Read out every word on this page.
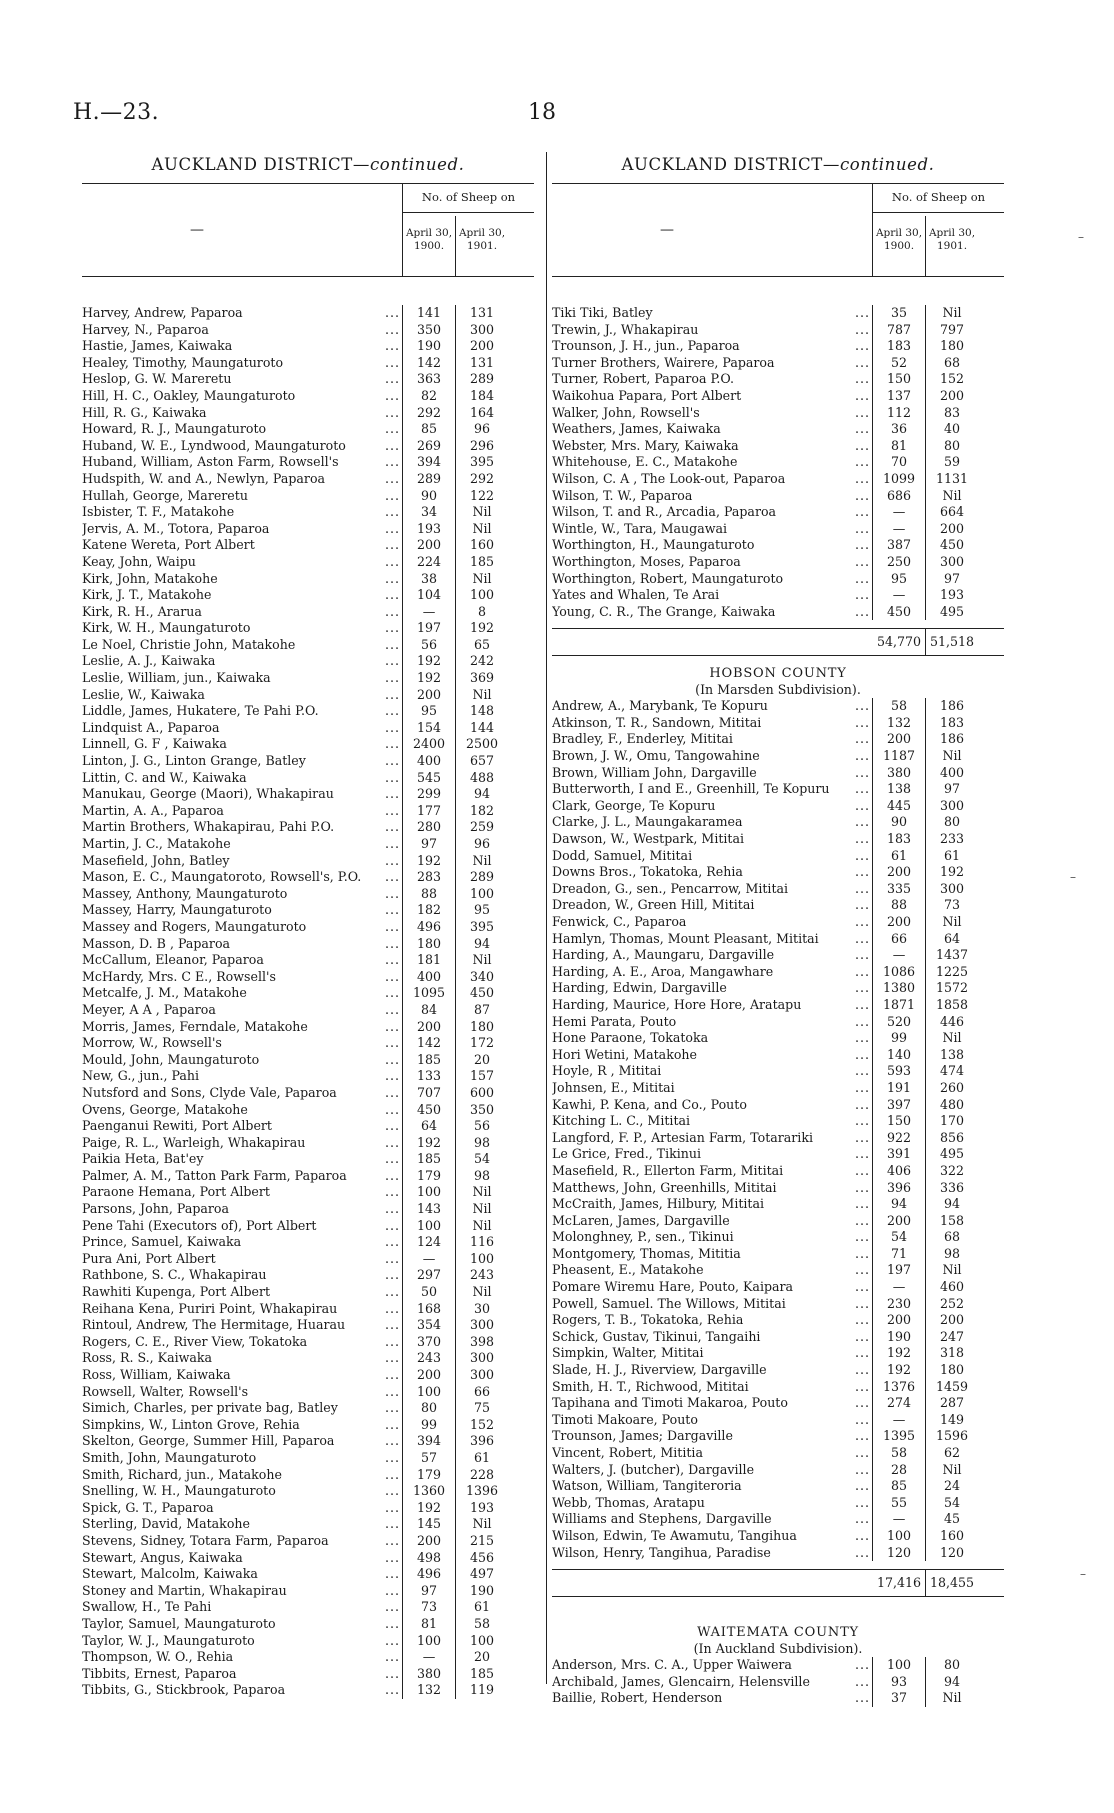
H.—23.	18
AUCKLAND DISTRICT—continued.
—
No. of Sheep on
April 30, 1900.
April 30, 1901.
Harvey, Andrew, Paparoa	...	141	131
Harvey, N., Paparoa	...	350	300
Hastie, James, Kaiwaka	...	190	200
Healey, Timothy, Maungaturoto	...	142	131
Heslop, G. W. Mareretu	...	363	289
Hill, H. C., Oakley, Maungaturoto	...	82	184
Hill, R. G., Kaiwaka	...	292	164
Howard, R. J., Maungaturoto	...	85	96
Huband, W. E., Lyndwood, Maungaturoto	...	269	296
Huband, William, Aston Farm, Rowsell's	...	394	395
Hudspith, W. and A., Newlyn, Paparoa	...	289	292
Hullah, George, Mareretu	...	90	122
Isbister, T. F., Matakohe	...	34	Nil
Jervis, A. M., Totora, Paparoa	...	193	Nil
Katene Wereta, Port Albert	...	200	160
Keay, John, Waipu	...	224	185
Kirk, John, Matakohe	...	38	Nil
Kirk, J. T., Matakohe	...	104	100
Kirk, R. H., Ararua	...	—	8
Kirk, W. H., Maungaturoto	...	197	192
Le Noel, Christie John, Matakohe	...	56	65
Leslie, A. J., Kaiwaka	...	192	242
Leslie, William, jun., Kaiwaka	...	192	369
Leslie, W., Kaiwaka	...	200	Nil
Liddle, James, Hukatere, Te Pahi P.O.	...	95	148
Lindquist A., Paparoa	...	154	144
Linnell, G. F , Kaiwaka	...	2400	2500
Linton, J. G., Linton Grange, Batley	...	400	657
Littin, C. and W., Kaiwaka	...	545	488
Manukau, George (Maori), Whakapirau	...	299	94
Martin, A. A., Paparoa	...	177	182
Martin Brothers, Whakapirau, Pahi P.O.	...	280	259
Martin, J. C., Matakohe	...	97	96
Masefield, John, Batley	...	192	Nil
Mason, E. C., Maungatoroto, Rowsell's, P.O.	...	283	289
Massey, Anthony, Maungaturoto	...	88	100
Massey, Harry, Maungaturoto	...	182	95
Massey and Rogers, Maungaturoto	...	496	395
Masson, D. B , Paparoa	...	180	94
McCallum, Eleanor, Paparoa	...	181	Nil
McHardy, Mrs. C E., Rowsell's	...	400	340
Metcalfe, J. M., Matakohe	...	1095	450
Meyer, A A , Paparoa	...	84	87
Morris, James, Ferndale, Matakohe	...	200	180
Morrow, W., Rowsell's	...	142	172
Mould, John, Maungaturoto	...	185	20
New, G., jun., Pahi	...	133	157
Nutsford and Sons, Clyde Vale, Paparoa	...	707	600
Ovens, George, Matakohe	...	450	350
Paenganui Rewiti, Port Albert	...	64	56
Paige, R. L., Warleigh, Whakapirau	...	192	98
Paikia Heta, Bat'ey	...	185	54
Palmer, A. M., Tatton Park Farm, Paparoa	...	179	98
Paraone Hemana, Port Albert	...	100	Nil
Parsons, John, Paparoa	...	143	Nil
Pene Tahi (Executors of), Port Albert	...	100	Nil
Prince, Samuel, Kaiwaka	...	124	116
Pura Ani, Port Albert	...	—	100
Rathbone, S. C., Whakapirau	...	297	243
Rawhiti Kupenga, Port Albert	...	50	Nil
Reihana Kena, Puriri Point, Whakapirau	...	168	30
Rintoul, Andrew, The Hermitage, Huarau	...	354	300
Rogers, C. E., River View, Tokatoka	...	370	398
Ross, R. S., Kaiwaka	...	243	300
Ross, William, Kaiwaka	...	200	300
Rowsell, Walter, Rowsell's	...	100	66
Simich, Charles, per private bag, Batley	...	80	75
Simpkins, W., Linton Grove, Rehia	...	99	152
Skelton, George, Summer Hill, Paparoa	...	394	396
Smith, John, Maungaturoto	...	57	61
Smith, Richard, jun., Matakohe	...	179	228
Snelling, W. H., Maungaturoto	...	1360	1396
Spick, G. T., Paparoa	...	192	193
Sterling, David, Matakohe	...	145	Nil
Stevens, Sidney, Totara Farm, Paparoa	...	200	215
Stewart, Angus, Kaiwaka	...	498	456
Stewart, Malcolm, Kaiwaka	...	496	497
Stoney and Martin, Whakapirau	...	97	190
Swallow, H., Te Pahi	...	73	61
Taylor, Samuel, Maungaturoto	...	81	58
Taylor, W. J., Maungaturoto	...	100	100
Thompson, W. O., Rehia	...	—	20
Tibbits, Ernest, Paparoa	...	380	185
Tibbits, G., Stickbrook, Paparoa	...	132	119
AUCKLAND DISTRICT—continued.
—
No. of Sheep on
April 30, 1900.
April 30, 1901.
Tiki Tiki, Batley	...	35	Nil
Trewin, J., Whakapirau	...	787	797
Trounson, J. H., jun., Paparoa	...	183	180
Turner Brothers, Wairere, Paparoa	...	52	68
Turner, Robert, Paparoa P.O.	...	150	152
Waikohua Papara, Port Albert	...	137	200
Walker, John, Rowsell's	...	112	83
Weathers, James, Kaiwaka	...	36	40
Webster, Mrs. Mary, Kaiwaka	...	81	80
Whitehouse, E. C., Matakohe	...	70	59
Wilson, C. A , The Look-out, Paparoa	...	1099	1131
Wilson, T. W., Paparoa	...	686	Nil
Wilson, T. and R., Arcadia, Paparoa	...	—	664
Wintle, W., Tara, Maugawai	...	—	200
Worthington, H., Maungaturoto	...	387	450
Worthington, Moses, Paparoa	...	250	300
Worthington, Robert, Maungaturoto	...	95	97
Yates and Whalen, Te Arai	...	—	193
Young, C. R., The Grange, Kaiwaka	...	450	495
54,770 51,518
HOBSON COUNTY
(In Marsden Subdivision).
Andrew, A., Marybank, Te Kopuru	...	58	186
Atkinson, T. R., Sandown, Mititai	...	132	183
Bradley, F., Enderley, Mititai	...	200	186
Brown, J. W., Omu, Tangowahine	...	1187	Nil
Brown, William John, Dargaville	...	380	400
Butterworth, I and E., Greenhill, Te Kopuru	...	138	97
Clark, George, Te Kopuru	...	445	300
Clarke, J. L., Maungakaramea	...	90	80
Dawson, W., Westpark, Mititai	...	183	233
Dodd, Samuel, Mititai	...	61	61
Downs Bros., Tokatoka, Rehia	...	200	192
Dreadon, G., sen., Pencarrow, Mititai	...	335	300
Dreadon, W., Green Hill, Mititai	...	88	73
Fenwick, C., Paparoa	...	200	Nil
Hamlyn, Thomas, Mount Pleasant, Mititai	...	66	64
Harding, A., Maungaru, Dargaville	...	—	1437
Harding, A. E., Aroa, Mangawhare	...	1086	1225
Harding, Edwin, Dargaville	...	1380	1572
Harding, Maurice, Hore Hore, Aratapu	...	1871	1858
Hemi Parata, Pouto	...	520	446
Hone Paraone, Tokatoka	...	99	Nil
Hori Wetini, Matakohe	...	140	138
Hoyle, R , Mititai	...	593	474
Johnsen, E., Mititai	...	191	260
Kawhi, P. Kena, and Co., Pouto	...	397	480
Kitching L. C., Mititai	...	150	170
Langford, F. P., Artesian Farm, Totarariki	...	922	856
Le Grice, Fred., Tikinui	...	391	495
Masefield, R., Ellerton Farm, Mititai	...	406	322
Matthews, John, Greenhills, Mititai	...	396	336
McCraith, James, Hilbury, Mititai	...	94	94
McLaren, James, Dargaville	...	200	158
Molonghney, P., sen., Tikinui	...	54	68
Montgomery, Thomas, Mititia	...	71	98
Pheasent, E., Matakohe	...	197	Nil
Pomare Wiremu Hare, Pouto, Kaipara	...	—	460
Powell, Samuel. The Willows, Mititai	...	230	252
Rogers, T. B., Tokatoka, Rehia	...	200	200
Schick, Gustav, Tikinui, Tangaihi	...	190	247
Simpkin, Walter, Mititai	...	192	318
Slade, H. J., Riverview, Dargaville	...	192	180
Smith, H. T., Richwood, Mititai	...	1376	1459
Tapihana and Timoti Makaroa, Pouto	...	274	287
Timoti Makoare, Pouto	...	—	149
Trounson, James; Dargaville	...	1395	1596
Vincent, Robert, Mititia	...	58	62
Walters, J. (butcher), Dargaville	...	28	Nil
Watson, William, Tangiteroria	...	85	24
Webb, Thomas, Aratapu	...	55	54
Williams and Stephens, Dargaville	...	—	45
Wilson, Edwin, Te Awamutu, Tangihua	...	100	160
Wilson, Henry, Tangihua, Paradise	...	120	120
17,416 18,455
WAITEMATA COUNTY
(In Auckland Subdivision).
Anderson, Mrs. C. A., Upper Waiwera	...	100	80
Archibald, James, Glencairn, Helensville	...	93	94
Baillie, Robert, Henderson	...	37	Nil
–
–
–
